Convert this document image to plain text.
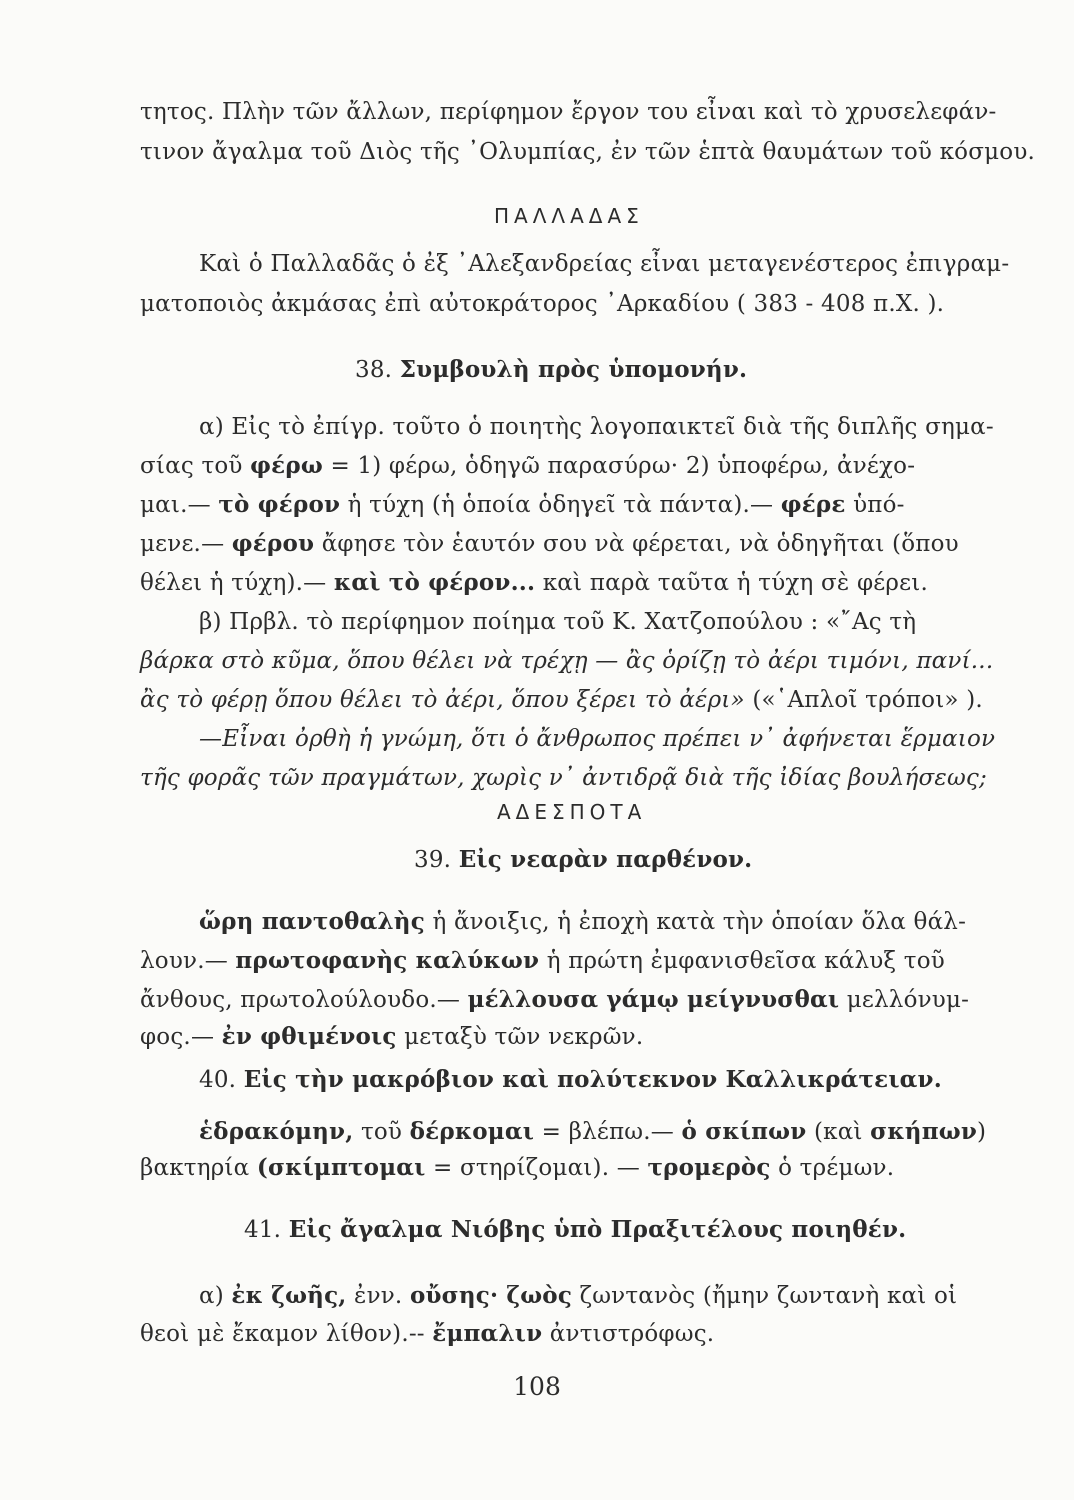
τητος. Πλὴν τῶν ἄλλων, περίφημον ἔργον του εἶναι καὶ τὸ χρυσελεφάν-
τινον ἄγαλμα τοῦ Διὸς τῆς ᾿Ολυμπίας, ἐν τῶν ἑπτὰ θαυμάτων τοῦ κόσμου.
ΠΑΛΛΑΔΑΣ
Καὶ ὁ Παλλαδᾶς ὁ ἐξ ᾿Αλεξανδρείας εἶναι μεταγενέστερος ἐπιγραμ-
ματοποιὸς ἀκμάσας ἐπὶ αὐτοκράτορος ᾿Αρκαδίου ( 383 - 408 π.Χ. ).
38. Συμβουλὴ πρὸς ὑπομονήν.
α) Εἰς τὸ ἐπίγρ. τοῦτο ὁ ποιητὴς λογοπαικτεῖ διὰ τῆς διπλῆς σημα-
σίας τοῦ φέρω = 1) φέρω, ὁδηγῶ παρασύρω· 2) ὑποφέρω, ἀνέχο-
μαι.— τὸ φέρον ἡ τύχη (ἡ ὁποία ὁδηγεῖ τὰ πάντα).— φέρε ὑπό-
μενε.— φέρου ἄφησε τὸν ἑαυτόν σου νὰ φέρεται, νὰ ὁδηγῆται (ὅπου
θέλει ἡ τύχη).— καὶ τὸ φέρον... καὶ παρὰ ταῦτα ἡ τύχη σὲ φέρει.
β) Πρβλ. τὸ περίφημον ποίημα τοῦ Κ. Χατζοπούλου : «῎Ας τὴ
βάρκα στὸ κῦμα, ὅπου θέλει νὰ τρέχῃ — ἂς ὁρίζῃ τὸ ἀέρι τιμόνι, πανί...
ἂς τὸ φέρῃ ὅπου θέλει τὸ ἀέρι, ὅπου ξέρει τὸ ἀέρι» («῾Απλοῖ τρόποι» ).
—Εἶναι ὀρθὴ ἡ γνώμη, ὅτι ὁ ἄνθρωπος πρέπει ν᾿ ἀφήνεται ἕρμαιον
τῆς φορᾶς τῶν πραγμάτων, χωρὶς ν᾿ ἀντιδρᾷ διὰ τῆς ἰδίας βουλήσεως;
ΑΔΕΣΠΟΤΑ
39. Εἰς νεαρὰν παρθένον.
ὥρη παντοθαλὴς ἡ ἄνοιξις, ἡ ἐποχὴ κατὰ τὴν ὁποίαν ὅλα θάλ-
λουν.— πρωτοφανὴς καλύκων ἡ πρώτη ἐμφανισθεῖσα κάλυξ τοῦ
ἄνθους, πρωτολούλουδο.— μέλλουσα γάμῳ μείγνυσθαι μελλόνυμ-
φος.— ἐν φθιμένοις μεταξὺ τῶν νεκρῶν.
40. Εἰς τὴν μακρόβιον καὶ πολύτεκνον Καλλικράτειαν.
ἑδρακόμην, τοῦ δέρκομαι = βλέπω.— ὁ σκίπων (καὶ σκήπων)
βακτηρία (σκίμπτομαι = στηρίζομαι). — τρομερὸς ὁ τρέμων.
41. Εἰς ἄγαλμα Νιόβης ὑπὸ Πραξιτέλους ποιηθέν.
α) ἐκ ζωῆς, ἐνν. οὔσης· ζωὸς ζωντανὸς (ἤμην ζωντανὴ καὶ οἱ
θεοὶ μὲ ἔκαμον λίθον).-- ἔμπαλιν ἀντιστρόφως.
108
